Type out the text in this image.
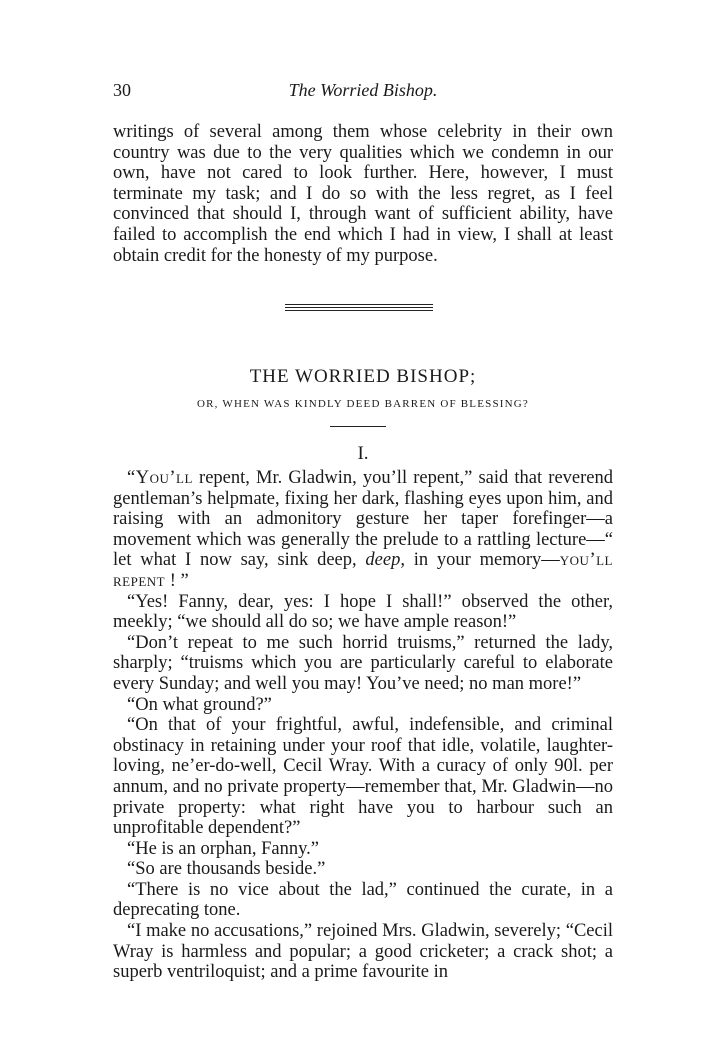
30	The Worried Bishop.

writings of several among them whose celebrity in their own country was due to the very qualities which we condemn in our own, have not cared to look further. Here, however, I must terminate my task; and I do so with the less regret, as I feel convinced that should I, through want of sufficient ability, have failed to accomplish the end which I had in view, I shall at least obtain credit for the honesty of my purpose.

THE WORRIED BISHOP;
OR, WHEN WAS KINDLY DEED BARREN OF BLESSING?
I.

“You’ll repent, Mr. Gladwin, you’ll repent,” said that reverend gentleman’s helpmate, fixing her dark, flashing eyes upon him, and raising with an admonitory gesture her taper forefinger—a movement which was generally the prelude to a rattling lecture—“ let what I now say, sink deep, deep, in your memory—you’ll repent ! ”

“Yes! Fanny, dear, yes: I hope I shall!” observed the other, meekly; “we should all do so; we have ample reason!”

“Don’t repeat to me such horrid truisms,” returned the lady, sharply; “truisms which you are particularly careful to elaborate every Sunday; and well you may! You’ve need; no man more!”

“On what ground?”

“On that of your frightful, awful, indefensible, and criminal obstinacy in retaining under your roof that idle, volatile, laughter-loving, ne’er-do-well, Cecil Wray. With a curacy of only 90l. per annum, and no private property—remember that, Mr. Gladwin—no private property: what right have you to harbour such an unprofitable dependent?”

“He is an orphan, Fanny.”

“So are thousands beside.”

“There is no vice about the lad,” continued the curate, in a deprecating tone.

“I make no accusations,” rejoined Mrs. Gladwin, severely; “Cecil Wray is harmless and popular; a good cricketer; a crack shot; a superb ventriloquist; and a prime favourite in
